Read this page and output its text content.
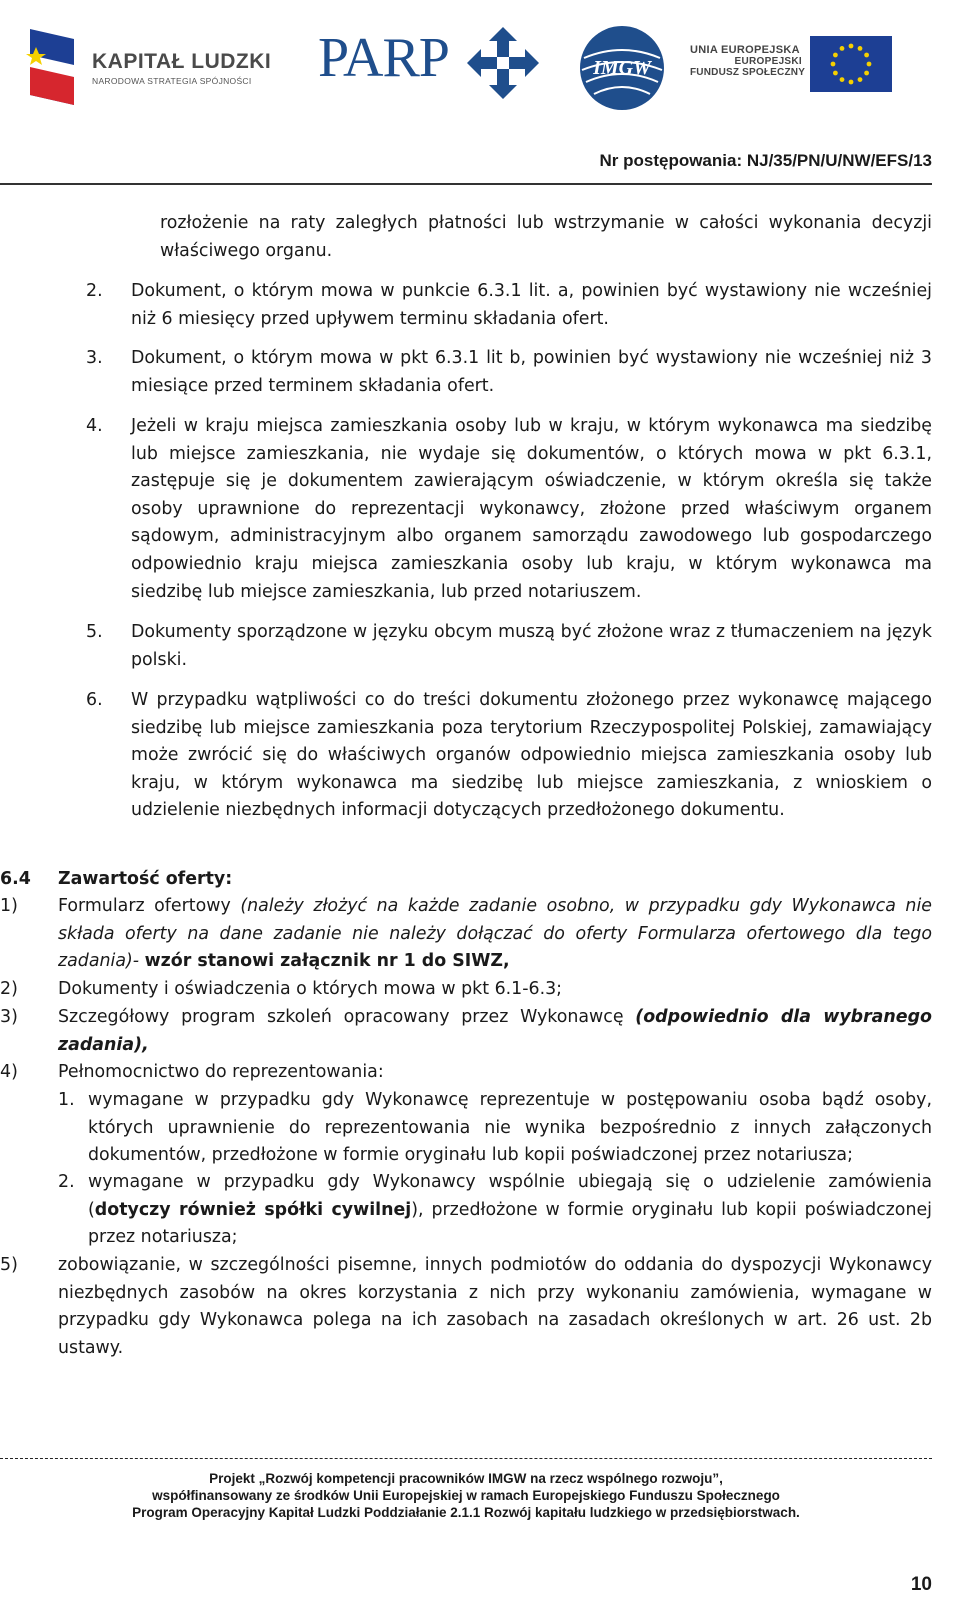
KAPITAŁ LUDZKI
NARODOWA STRATEGIA SPÓJNOŚCI	PARP	IMGW
UNIA EUROPEJSKA
EUROPEJSKI
FUNDUSZ SPOŁECZNY
Nr postępowania: NJ/35/PN/U/NW/EFS/13
rozłożenie na raty zaległych płatności lub wstrzymanie w całości wykonania decyzji właściwego organu.
2. Dokument, o którym mowa w punkcie 6.3.1 lit. a, powinien być wystawiony nie wcześniej niż 6 miesięcy przed upływem terminu składania ofert.
3. Dokument, o którym mowa w pkt 6.3.1 lit b, powinien być wystawiony nie wcześniej niż 3 miesiące przed terminem składania ofert.
4. Jeżeli w kraju miejsca zamieszkania osoby lub w kraju, w którym wykonawca ma siedzibę lub miejsce zamieszkania, nie wydaje się dokumentów, o których mowa w pkt 6.3.1, zastępuje się je dokumentem zawierającym oświadczenie, w którym określa się także osoby uprawnione do reprezentacji wykonawcy, złożone przed właściwym organem sądowym, administracyjnym albo organem samorządu zawodowego lub gospodarczego odpowiednio kraju miejsca zamieszkania osoby lub kraju, w którym wykonawca ma siedzibę lub miejsce zamieszkania, lub przed notariuszem.
5. Dokumenty sporządzone w języku obcym muszą być złożone wraz z tłumaczeniem na język polski.
6. W przypadku wątpliwości co do treści dokumentu złożonego przez wykonawcę mającego siedzibę lub miejsce zamieszkania poza terytorium Rzeczypospolitej Polskiej, zamawiający może zwrócić się do właściwych organów odpowiednio miejsca zamieszkania osoby lub kraju, w którym wykonawca ma siedzibę lub miejsce zamieszkania, z wnioskiem o udzielenie niezbędnych informacji dotyczących przedłożonego dokumentu.
6.4 Zawartość oferty:
1) Formularz ofertowy (należy złożyć na każde zadanie osobno, w przypadku gdy Wykonawca nie składa oferty na dane zadanie nie należy dołączać do oferty Formularza ofertowego dla tego zadania)- wzór stanowi załącznik nr 1 do SIWZ,
2) Dokumenty i oświadczenia o których mowa w pkt 6.1-6.3;
3) Szczegółowy program szkoleń opracowany przez Wykonawcę (odpowiednio dla wybranego zadania),
4) Pełnomocnictwo do reprezentowania:
1. wymagane w przypadku gdy Wykonawcę reprezentuje w postępowaniu osoba bądź osoby, których uprawnienie do reprezentowania nie wynika bezpośrednio z innych załączonych dokumentów, przedłożone w formie oryginału lub kopii poświadczonej przez notariusza;
2. wymagane w przypadku gdy Wykonawcy wspólnie ubiegają się o udzielenie zamówienia (dotyczy również spółki cywilnej), przedłożone w formie oryginału lub kopii poświadczonej przez notariusza;
5) zobowiązanie, w szczególności pisemne, innych podmiotów do oddania do dyspozycji Wykonawcy niezbędnych zasobów na okres korzystania z nich przy wykonaniu zamówienia, wymagane w przypadku gdy Wykonawca polega na ich zasobach na zasadach określonych w art. 26 ust. 2b ustawy.
Projekt „Rozwój kompetencji pracowników IMGW na rzecz wspólnego rozwoju”,
współfinansowany ze środków Unii Europejskiej w ramach Europejskiego Funduszu Społecznego
Program Operacyjny Kapitał Ludzki Poddziałanie 2.1.1 Rozwój kapitału ludzkiego w przedsiębiorstwach.
10
